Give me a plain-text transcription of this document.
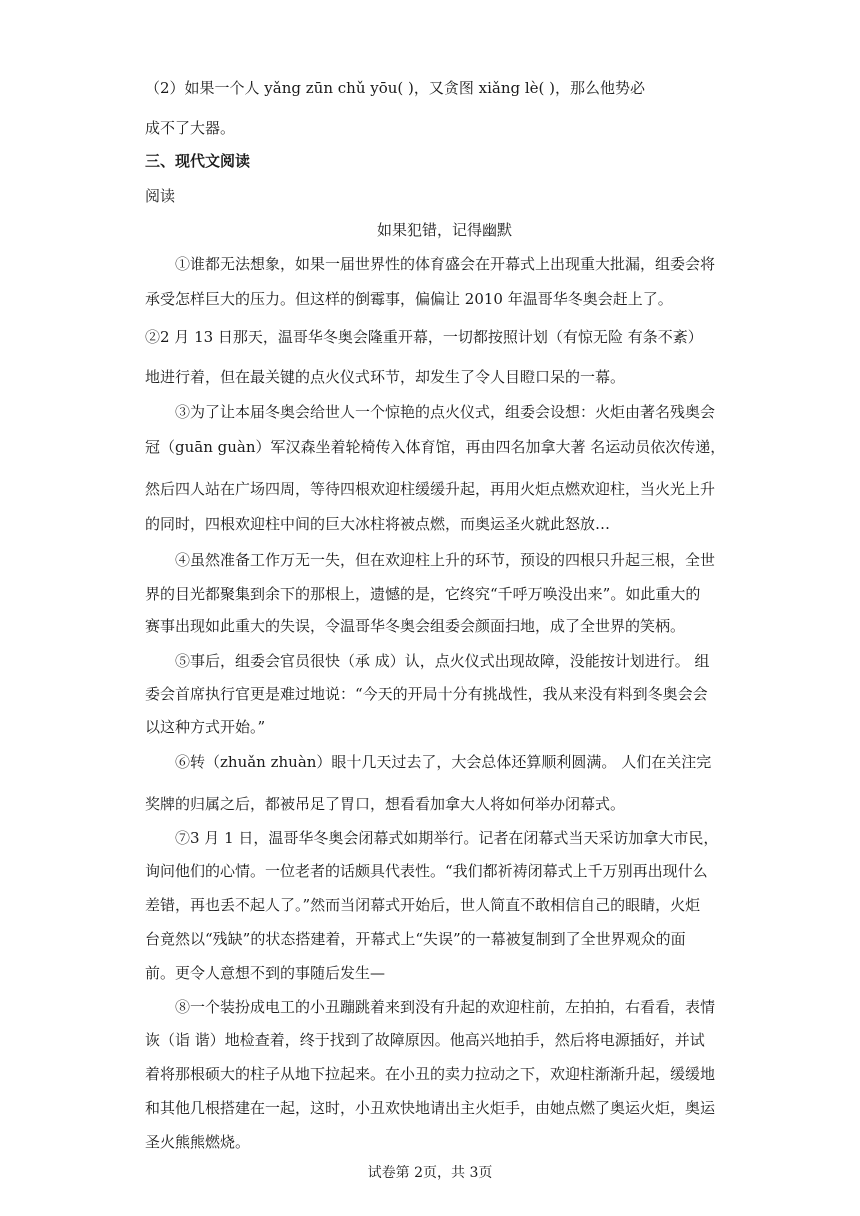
（2）如果一个人 yǎng zūn chǔ yōu( )，又贪图 xiǎng lè( )，那么他势必
成不了大器。
三、现代文阅读
阅读
如果犯错，记得幽默
①谁都无法想象，如果一届世界性的体育盛会在开幕式上出现重大批漏，组委会将
承受怎样巨大的压力。但这样的倒霉事，偏偏让 2010 年温哥华冬奥会赶上了。
②2 月 13 日那天，温哥华冬奥会隆重开幕，一切都按照计划（有惊无险 有条不紊）
地进行着，但在最关键的点火仪式环节，却发生了令人目瞪口呆的一幕。
③为了让本届冬奥会给世人一个惊艳的点火仪式，组委会设想：火炬由著名残奥会
冠（guān guàn）军汉森坐着轮椅传入体育馆，再由四名加拿大著 名运动员依次传递，
然后四人站在广场四周，等待四根欢迎柱缓缓升起，再用火炬点燃欢迎柱，当火光上升
的同时，四根欢迎柱中间的巨大冰柱将被点燃，而奥运圣火就此怒放…
④虽然准备工作万无一失，但在欢迎柱上升的环节，预设的四根只升起三根，全世
界的目光都聚集到余下的那根上，遗憾的是，它终究“千呼万唤没出来”。如此重大的
赛事出现如此重大的失误，令温哥华冬奥会组委会颜面扫地，成了全世界的笑柄。
⑤事后，组委会官员很快（承 成）认，点火仪式出现故障，没能按计划进行。 组
委会首席执行官更是难过地说：“今天的开局十分有挑战性，我从来没有料到冬奥会会
以这种方式开始。”
⑥转（zhuǎn zhuàn）眼十几天过去了，大会总体还算顺利圆满。 人们在关注完
奖牌的归属之后，都被吊足了胃口，想看看加拿大人将如何举办闭幕式。
⑦3 月 1 日，温哥华冬奥会闭幕式如期举行。记者在闭幕式当天采访加拿大市民，
询问他们的心情。一位老者的话颇具代表性。“我们都祈祷闭幕式上千万别再出现什么
差错，再也丢不起人了。”然而当闭幕式开始后，世人简直不敢相信自己的眼睛，火炬
台竟然以“残缺”的状态搭建着，开幕式上“失误”的一幕被复制到了全世界观众的面
前。更令人意想不到的事随后发生—
⑧一个装扮成电工的小丑蹦跳着来到没有升起的欢迎柱前，左拍拍，右看看，表情
诙（诣 谐）地检查着，终于找到了故障原因。他高兴地拍手，然后将电源插好，并试
着将那根硕大的柱子从地下拉起来。在小丑的卖力拉动之下，欢迎柱渐渐升起，缓缓地
和其他几根搭建在一起，这时，小丑欢快地请出主火炬手，由她点燃了奥运火炬，奥运
圣火熊熊燃烧。
试卷第 2页，共 3页
